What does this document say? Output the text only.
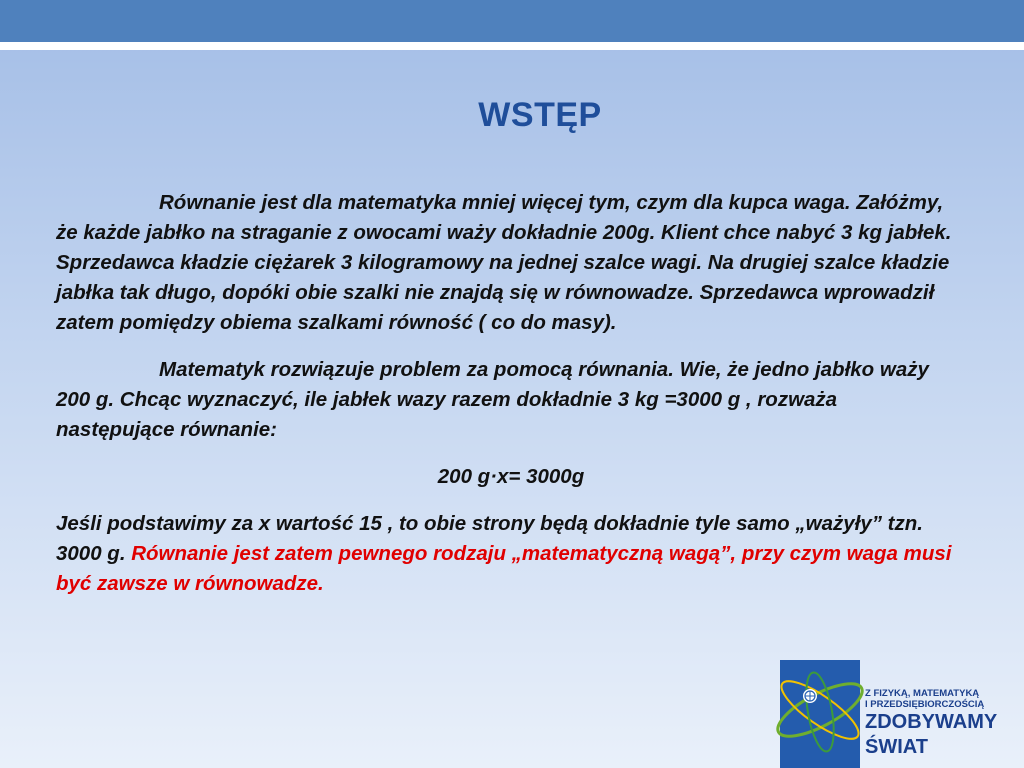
WSTĘP

Równanie jest dla matematyka mniej więcej tym, czym dla kupca waga. Załóżmy, że każde jabłko na straganie z owocami waży dokładnie 200g. Klient chce nabyć 3 kg jabłek. Sprzedawca kładzie ciężarek 3 kilogramowy na jednej szalce wagi. Na drugiej szalce kładzie jabłka tak długo, dopóki obie szalki nie znajdą się w równowadze. Sprzedawca wprowadził zatem pomiędzy obiema szalkami równość ( co do masy).

Matematyk rozwiązuje problem za pomocą równania. Wie, że jedno jabłko waży 200 g. Chcąc wyznaczyć, ile jabłek wazy razem dokładnie 3 kg =3000 g , rozważa następujące równanie:

200 g·x= 3000g

Jeśli podstawimy za x wartość 15 , to obie strony będą dokładnie tyle samo „ważyły” tzn. 3000 g. Równanie jest zatem pewnego rodzaju „matematyczną wagą”, przy czym waga musi być zawsze w równowadze.

Z FIZYKĄ, MATEMATYKĄ
I PRZEDSIĘBIORCZOŚCIĄ
ZDOBYWAMY
ŚWIAT
